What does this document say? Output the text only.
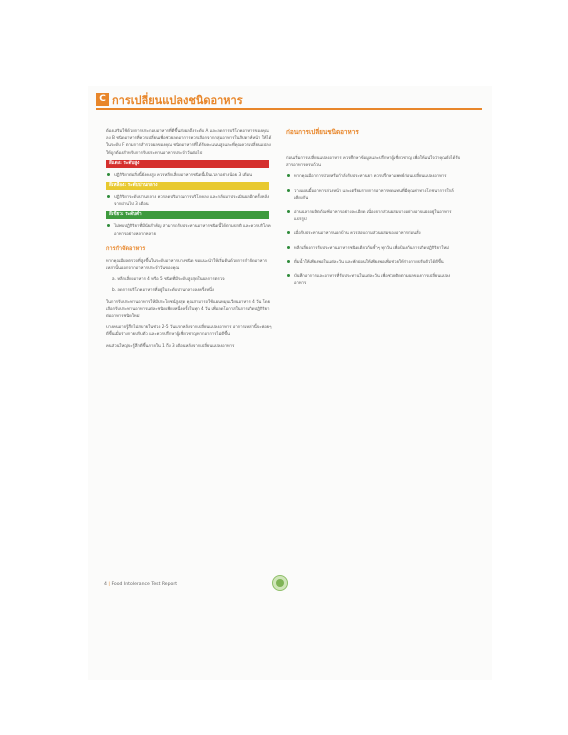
C การเปลี่ยนแปลงชนิดอาหาร

ต้องเสริมใช้ด้วยการประกอบอาหารที่ดีขึ้นส่งผลถึงระดับ A และลดการบริโภคอาหารของคุณลง B ชนิดอาหารที่ควรเปลี่ยนเพื่อช่วยลดอาการควรเลือกจากกลุ่มอาหารในสัปดาห์หน้า ให้ได้ในระดับ F ตามการสำรวจผลของคุณ ชนิดอาหารที่ได้รับคะแนนสูงและที่คุณควรเปลี่ยนแปลงให้ถูกต้องสำหรับการรับประทานอาหารประจำวันต่อไป

สีแดง: ระดับสูง

ปฏิกิริยาต่อสิ่งนี้ยังคงสูง ควรหลีกเลี่ยงอาหารชนิดนี้เป็นเวลาอย่างน้อย 3 เดือน

สีเหลือง: ระดับปานกลาง

ปฏิกิริยาระดับปานกลาง ควรลดปริมาณการบริโภคลง และกลับมาประเมินผลอีกครั้งหลังจากผ่านไป 3 เดือน

สีเขียว: ระดับต่ำ

ไม่พบปฏิกิริยาที่มีนัยสำคัญ สามารถรับประทานอาหารชนิดนี้ได้ตามปกติ และควรบริโภคอาหารอย่างหลากหลาย

การกำจัดอาหาร

หากคุณมีผลตรวจที่สูงขึ้นในระดับอาหารบางชนิด ขอแนะนำให้เริ่มต้นด้วยการกำจัดอาหารเหล่านั้นออกจากอาหารประจำวันของคุณ

a. หลีกเลี่ยงอาหาร 4 หรือ 5 ชนิดที่มีระดับสูงสุดในผลการตรวจ

b. ลดการบริโภคอาหารที่อยู่ในระดับปานกลางลงครึ่งหนึ่ง

ในการรับประทานอาหารให้มีประโยชน์สูงสุด คุณสามารถใช้แผนหมุนเวียนอาหาร 4 วัน โดยเลือกรับประทานอาหารแต่ละชนิดเพียงหนึ่งครั้งในทุก 4 วัน เพื่อลดโอกาสในการเกิดปฏิกิริยาต่ออาหารชนิดใหม่

บางคนอาจรู้สึกไม่สบายในช่วง 2-5 วันแรกหลังจากเปลี่ยนแปลงอาหาร อาการเหล่านี้จะค่อยๆ ดีขึ้นเมื่อร่างกายปรับตัว และควรปรึกษาผู้เชี่ยวชาญหากอาการไม่ดีขึ้น

คนส่วนใหญ่จะรู้สึกดีขึ้นภายใน 1 ถึง 3 เดือนหลังจากเปลี่ยนแปลงอาหาร

ก่อนการเปลี่ยนชนิดอาหาร

ก่อนเริ่มการเปลี่ยนแปลงอาหาร ควรศึกษาข้อมูลและปรึกษาผู้เชี่ยวชาญ เพื่อให้แน่ใจว่าคุณยังได้รับสารอาหารครบถ้วน

หากคุณมีอาการป่วยหรือกำลังรับประทานยา ควรปรึกษาแพทย์ก่อนเปลี่ยนแปลงอาหาร
วางแผนมื้ออาหารล่วงหน้า และเตรียมรายการอาหารทดแทนที่มีคุณค่าทางโภชนาการใกล้เคียงกัน
อ่านฉลากผลิตภัณฑ์อาหารอย่างละเอียด เนื่องจากส่วนผสมบางอย่างอาจแฝงอยู่ในอาหารแปรรูป
เมื่อรับประทานอาหารนอกบ้าน ควรสอบถามส่วนผสมของอาหารก่อนสั่ง
หลีกเลี่ยงการรับประทานอาหารชนิดเดียวกันซ้ำๆ ทุกวัน เพื่อป้องกันการเกิดปฏิกิริยาใหม่
ดื่มน้ำให้เพียงพอในแต่ละวัน และพักผ่อนให้เพียงพอเพื่อช่วยให้ร่างกายปรับตัวได้ดีขึ้น
บันทึกอาการและอาหารที่รับประทานในแต่ละวัน เพื่อช่วยติดตามผลของการเปลี่ยนแปลงอาหาร
4 | Food Intolerance Test Report
